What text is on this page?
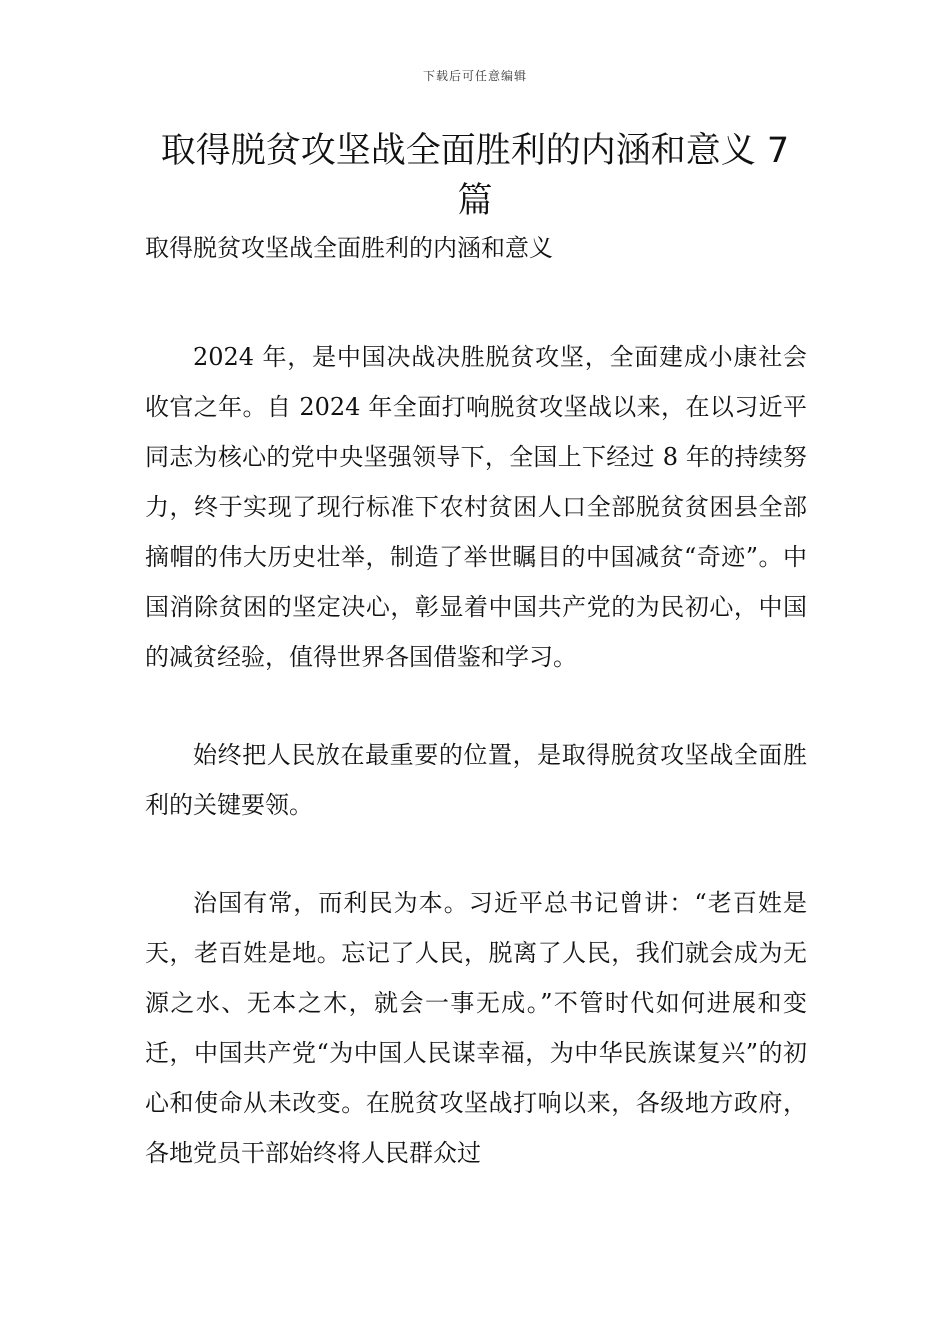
下载后可任意编辑
取得脱贫攻坚战全面胜利的内涵和意义 7 篇

取得脱贫攻坚战全面胜利的内涵和意义

2024 年，是中国决战决胜脱贫攻坚，全面建成小康社会收官之年。自 2024 年全面打响脱贫攻坚战以来，在以习近平同志为核心的党中央坚强领导下，全国上下经过 8 年的持续努力，终于实现了现行标准下农村贫困人口全部脱贫贫困县全部摘帽的伟大历史壮举，制造了举世瞩目的中国减贫“奇迹”。中国消除贫困的坚定决心，彰显着中国共产党的为民初心，中国的减贫经验，值得世界各国借鉴和学习。

始终把人民放在最重要的位置，是取得脱贫攻坚战全面胜利的关键要领。

治国有常，而利民为本。习近平总书记曾讲：“老百姓是天，老百姓是地。忘记了人民，脱离了人民，我们就会成为无源之水、无本之木，就会一事无成。”不管时代如何进展和变迁，中国共产党“为中国人民谋幸福，为中华民族谋复兴”的初心和使命从未改变。在脱贫攻坚战打响以来，各级地方政府，各地党员干部始终将人民群众过
